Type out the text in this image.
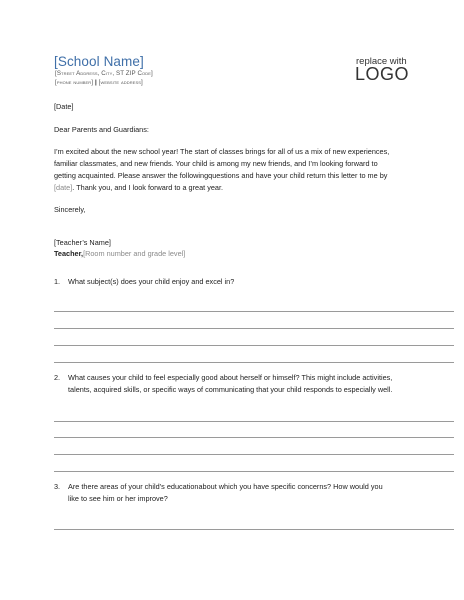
[School Name]
[Street Address, City, ST ZIP Code]
[phone number] | [website address]
replace with
LOGO
[Date]
Dear Parents and Guardians:
I’m excited about the new school year! The start of classes brings for all of us a mix of new experiences,
familiar classmates, and new friends. Your child is among my new friends, and I’m looking forward to
getting acquainted. Please answer the followingquestions and have your child return this letter to me by
[date]. Thank you, and I look forward to a great year.
Sincerely,
[Teacher’s Name]
Teacher,[Room number and grade level]
1. What subject(s) does your child enjoy and excel in?
2. What causes your child to feel especially good about herself or himself? This might include activities,
talents, acquired skills, or specific ways of communicating that your child responds to especially well.
3. Are there areas of your child’s educationabout which you have specific concerns? How would you
like to see him or her improve?
